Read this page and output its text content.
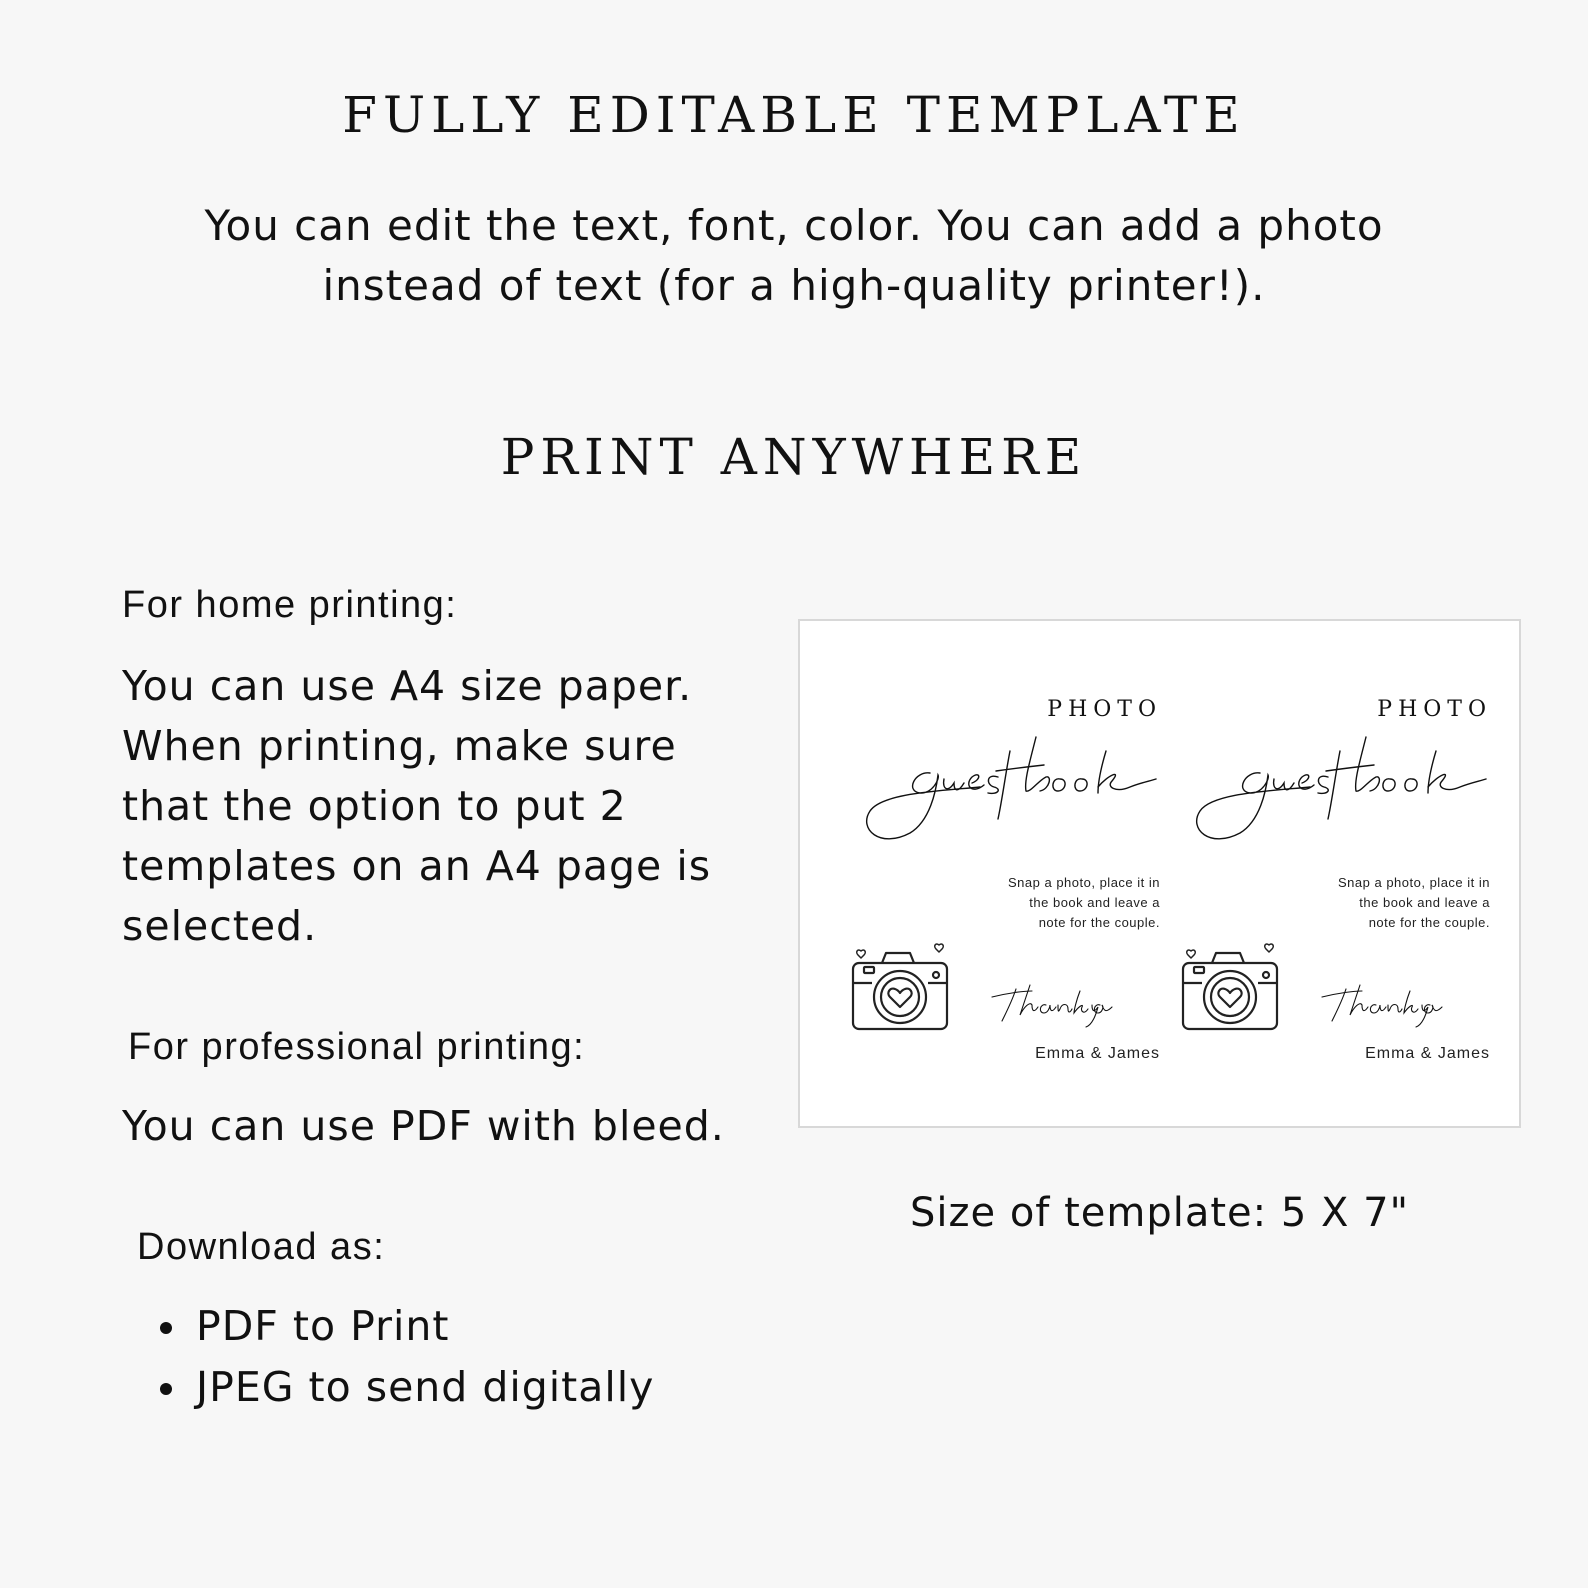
FULLY EDITABLE TEMPLATE
You can edit the text, font, color. You can add a photo
instead of text (for a high-quality printer!).
PRINT ANYWHERE
For home printing:
You can use A4 size paper. When printing, make sure that the option to put 2 templates on an A4 page is selected.
For professional printing:
You can use PDF with bleed.
Download as:
PDF to Print
JPEG to send digitally
PHOTO
Snap a photo, place it in
the book and leave a
note for the couple.
Emma & James
PHOTO
Snap a photo, place it in
the book and leave a
note for the couple.
Emma & James
Size of template: 5 X 7"
